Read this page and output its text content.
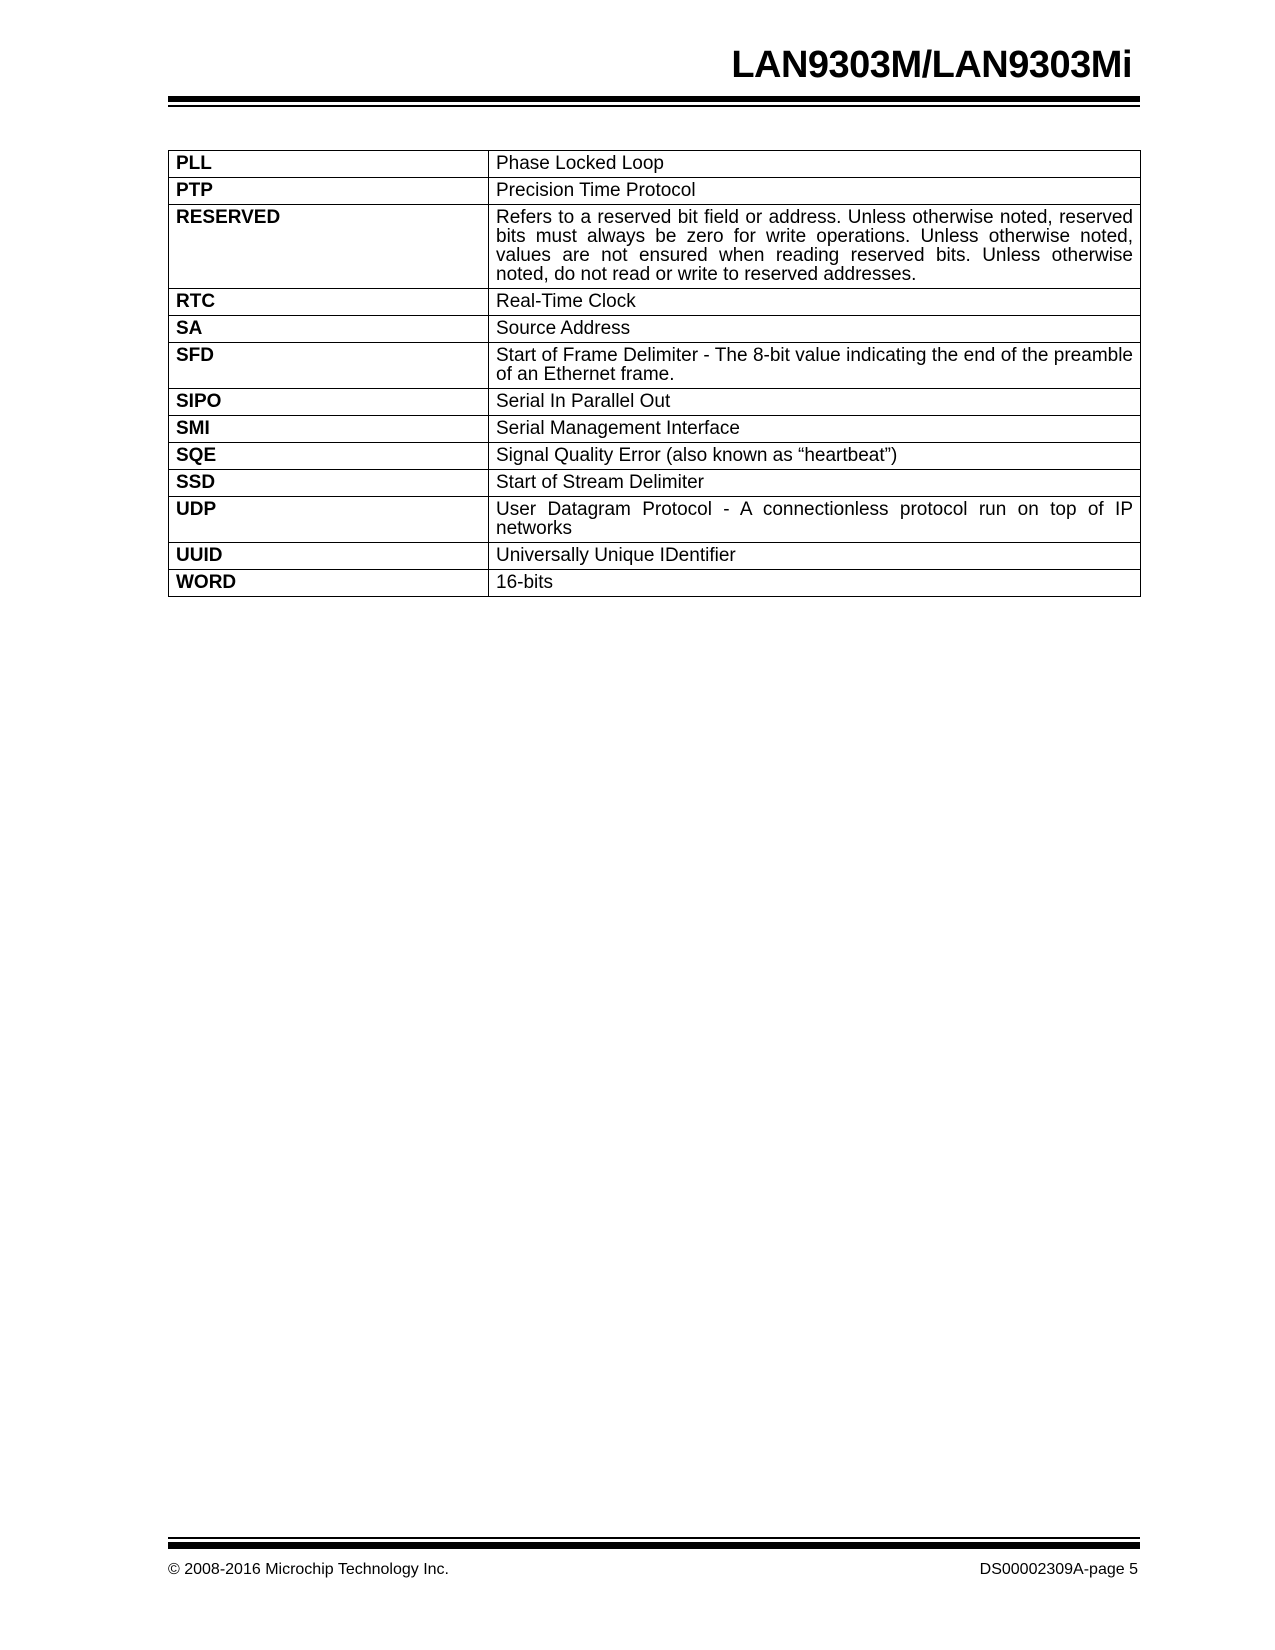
LAN9303M/LAN9303Mi
PLL	Phase Locked Loop
PTP	Precision Time Protocol
RESERVED	Refers to a reserved bit field or address. Unless otherwise noted, reserved bits must always be zero for write operations. Unless otherwise noted, values are not ensured when reading reserved bits. Unless otherwise noted, do not read or write to reserved addresses.
RTC	Real-Time Clock
SA	Source Address
SFD	Start of Frame Delimiter - The 8-bit value indicating the end of the preamble of an Ethernet frame.
SIPO	Serial In Parallel Out
SMI	Serial Management Interface
SQE	Signal Quality Error (also known as “heartbeat”)
SSD	Start of Stream Delimiter
UDP	User Datagram Protocol - A connectionless protocol run on top of IP networks
UUID	Universally Unique IDentifier
WORD	16-bits
© 2008-2016 Microchip Technology Inc.	DS00002309A-page 5
